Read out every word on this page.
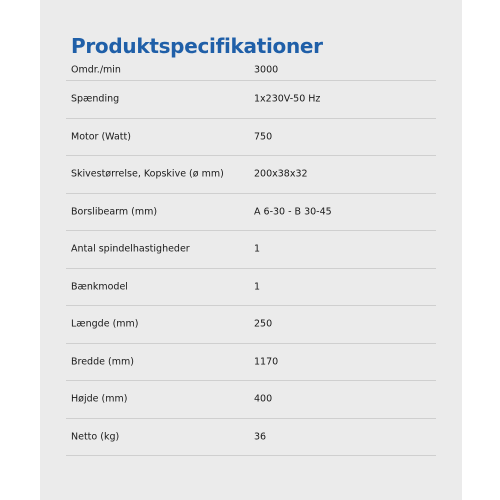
Produktspecifikationer
Omdr./min	3000
Spænding	1x230V-50 Hz
Motor (Watt)	750
Skivestørrelse, Kopskive (ø mm)	200x38x32
Borslibearm (mm)	A 6-30 - B 30-45
Antal spindelhastigheder	1
Bænkmodel	1
Længde (mm)	250
Bredde (mm)	1170
Højde (mm)	400
Netto (kg)	36
